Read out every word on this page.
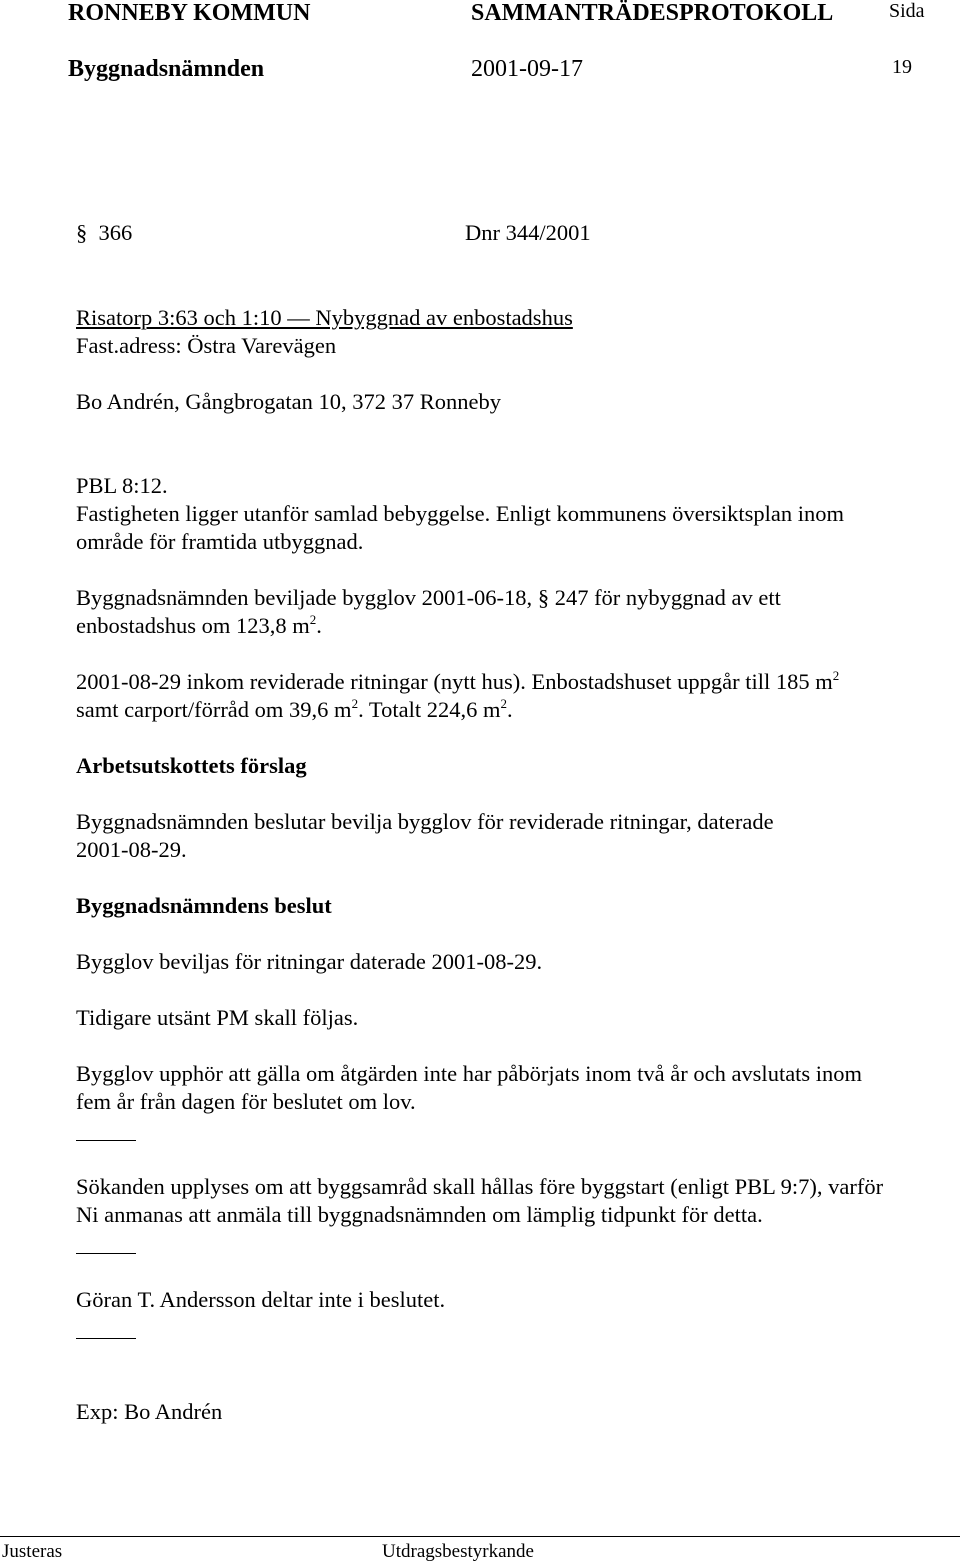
RONNEBY KOMMUN	SAMMANTRÄDESPROTOKOLL	Sida
Byggnadsnämnden	2001-09-17	19
§ 366	Dnr 344/2001
Risatorp 3:63 och 1:10 — Nybyggnad av enbostadshus
Fast.adress: Östra Varevägen
Bo Andrén, Gångbrogatan 10, 372 37 Ronneby
PBL 8:12.
Fastigheten ligger utanför samlad bebyggelse. Enligt kommunens översiktsplan inom
område för framtida utbyggnad.
Byggnadsnämnden beviljade bygglov 2001-06-18, § 247 för nybyggnad av ett
enbostadshus om 123,8 $m^2$.
2001-08-29 inkom reviderade ritningar (nytt hus). Enbostadshuset uppgår till 185 $m^2$
samt carport/förråd om 39,6 $m^2$. Totalt 224,6 $m^2$.
Arbetsutskottets förslag
Byggnadsnämnden beslutar bevilja bygglov för reviderade ritningar, daterade
2001-08-29.
Byggnadsnämndens beslut
Bygglov beviljas för ritningar daterade 2001-08-29.
Tidigare utsänt PM skall följas.
Bygglov upphör att gälla om åtgärden inte har påbörjats inom två år och avslutats inom
fem år från dagen för beslutet om lov.
Sökanden upplyses om att byggsamråd skall hållas före byggstart (enligt PBL 9:7), varför
Ni anmanas att anmäla till byggnadsnämnden om lämplig tidpunkt för detta.
Göran T. Andersson deltar inte i beslutet.
Exp: Bo Andrén
Justeras	Utdragsbestyrkande
